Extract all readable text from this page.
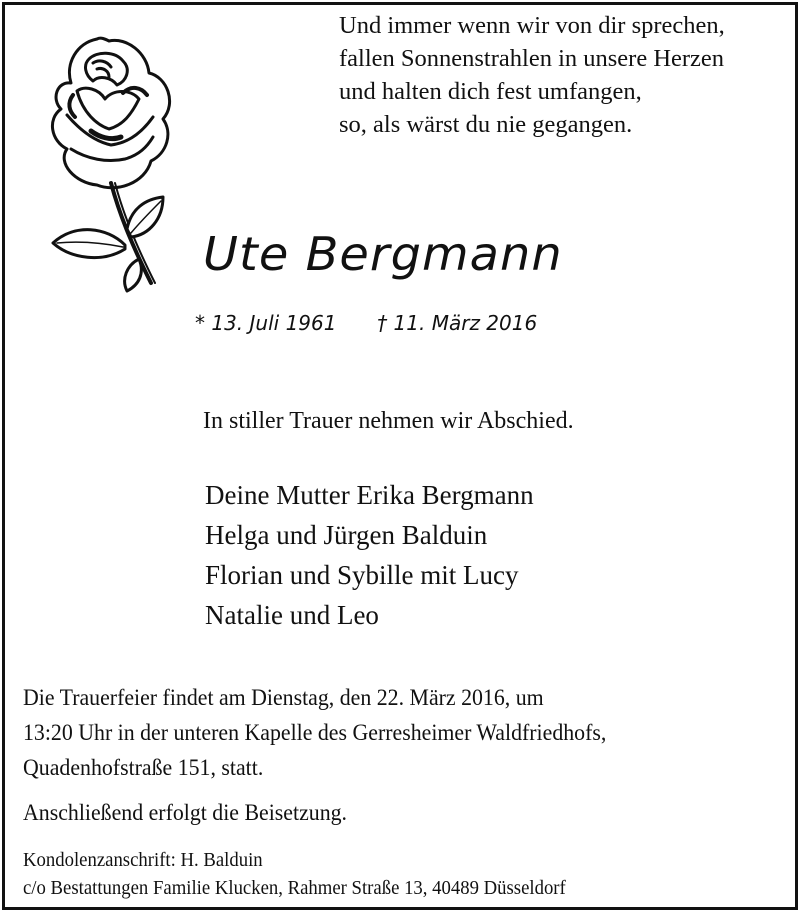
Und immer wenn wir von dir sprechen,
fallen Sonnenstrahlen in unsere Herzen
und halten dich fest umfangen,
so, als wärst du nie gegangen.
Ute Bergmann
* 13. Juli 1961 † 11. März 2016
In stiller Trauer nehmen wir Abschied.
Deine Mutter Erika Bergmann
Helga und Jürgen Balduin
Florian und Sybille mit Lucy
Natalie und Leo
Die Trauerfeier findet am Dienstag, den 22. März 2016, um
13:20 Uhr in der unteren Kapelle des Gerresheimer Waldfriedhofs,
Quadenhofstraße 151, statt.
Anschließend erfolgt die Beisetzung.
Kondolenzanschrift: H. Balduin
c/o Bestattungen Familie Klucken, Rahmer Straße 13, 40489 Düsseldorf
